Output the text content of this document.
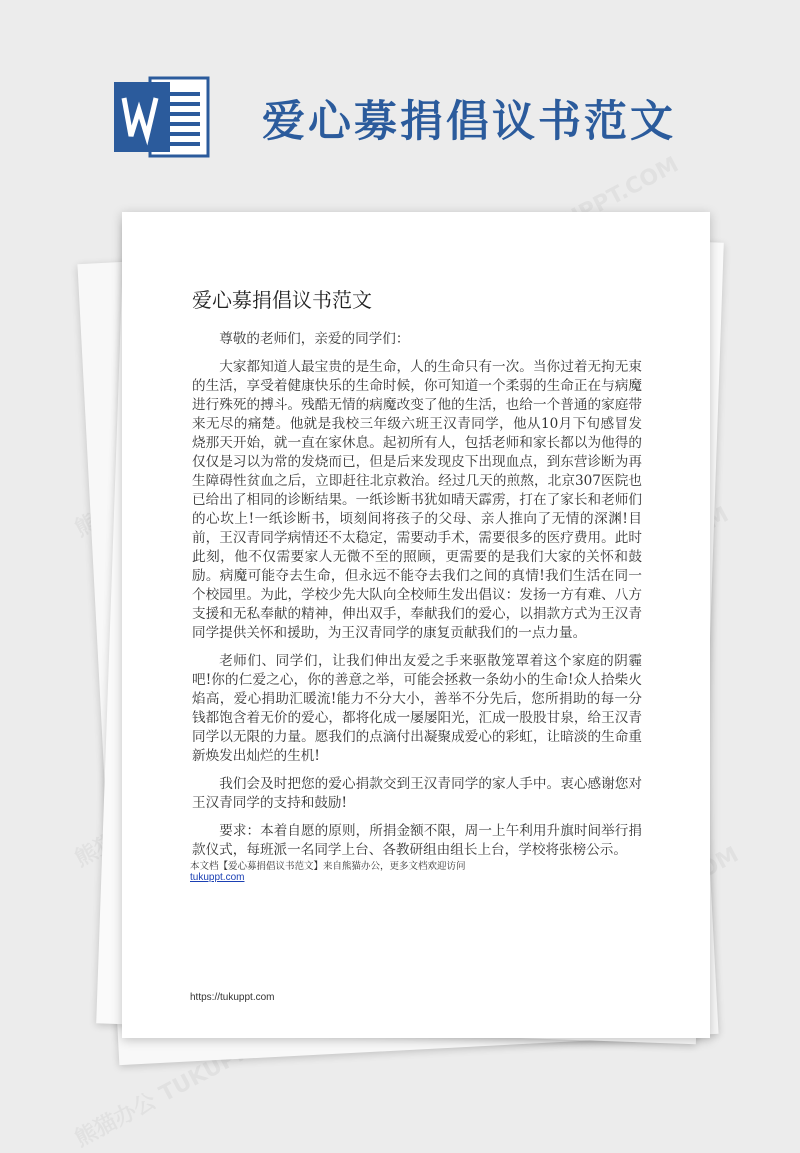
爱心募捐倡议书范文
爱心募捐倡议书范文

尊敬的老师们，亲爱的同学们：

大家都知道人最宝贵的是生命，人的生命只有一次。当你过着无拘无束的生活，享受着健康快乐的生命时候，你可知道一个柔弱的生命正在与病魔进行殊死的搏斗。残酷无情的病魔改变了他的生活，也给一个普通的家庭带来无尽的痛楚。他就是我校三年级六班王汉青同学，他从10月下旬感冒发烧那天开始，就一直在家休息。起初所有人，包括老师和家长都以为他得的仅仅是习以为常的发烧而已，但是后来发现皮下出现血点，到东营诊断为再生障碍性贫血之后，立即赶往北京救治。经过几天的煎熬，北京307医院也已给出了相同的诊断结果。一纸诊断书犹如晴天霹雳，打在了家长和老师们的心坎上!一纸诊断书，顷刻间将孩子的父母、亲人推向了无情的深渊!目前，王汉青同学病情还不太稳定，需要动手术，需要很多的医疗费用。此时此刻，他不仅需要家人无微不至的照顾，更需要的是我们大家的关怀和鼓励。病魔可能夺去生命，但永远不能夺去我们之间的真情!我们生活在同一个校园里。为此，学校少先大队向全校师生发出倡议：发扬一方有难、八方支援和无私奉献的精神，伸出双手，奉献我们的爱心，以捐款方式为王汉青同学提供关怀和援助，为王汉青同学的康复贡献我们的一点力量。

老师们、同学们，让我们伸出友爱之手来驱散笼罩着这个家庭的阴霾吧!你的仁爱之心，你的善意之举，可能会拯救一条幼小的生命!众人拾柴火焰高，爱心捐助汇暖流!能力不分大小，善举不分先后，您所捐助的每一分钱都饱含着无价的爱心，都将化成一屡屡阳光，汇成一股股甘泉，给王汉青同学以无限的力量。愿我们的点滴付出凝聚成爱心的彩虹，让暗淡的生命重新焕发出灿烂的生机!

我们会及时把您的爱心捐款交到王汉青同学的家人手中。衷心感谢您对王汉青同学的支持和鼓励!

要求：本着自愿的原则，所捐金额不限，周一上午利用升旗时间举行捐款仪式，每班派一名同学上台、各教研组由组长上台，学校将张榜公示。

本文档【爱心募捐倡议书范文】来自熊猫办公，更多文档欢迎访问
tukuppt.com
https://tukuppt.com
